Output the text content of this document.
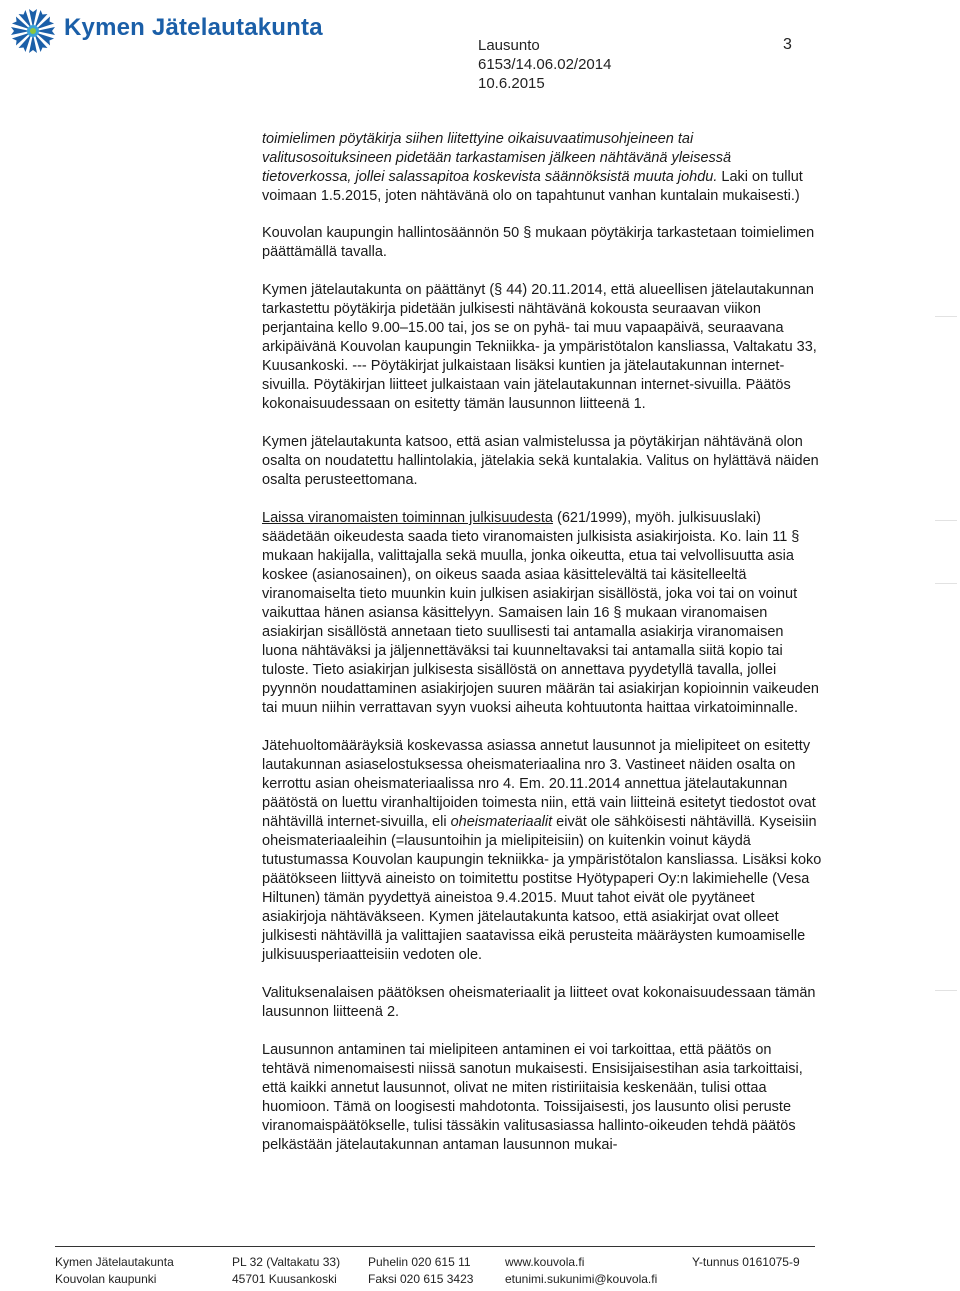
Kymen Jätelautakunta
Lausunto
6153/14.06.02/2014
10.6.2015
3

toimielimen pöytäkirja siihen liitettyine oikaisuvaatimusohjeineen tai valitusosoituksineen pidetään tarkastamisen jälkeen nähtävänä yleisessä tietoverkossa, jollei salassapitoa koskevista säännöksistä muuta johdu. Laki on tullut voimaan 1.5.2015, joten nähtävänä olo on tapahtunut vanhan kuntalain mukaisesti.)

Kouvolan kaupungin hallintosäännön 50 § mukaan pöytäkirja tarkastetaan toimielimen päättämällä tavalla.

Kymen jätelautakunta on päättänyt (§ 44) 20.11.2014, että alueellisen jätelautakunnan tarkastettu pöytäkirja pidetään julkisesti nähtävänä kokousta seuraavan viikon perjantaina kello 9.00–15.00 tai, jos se on pyhä- tai muu vapaapäivä, seuraavana arkipäivänä Kouvolan kaupungin Tekniikka- ja ympäristötalon kansliassa, Valtakatu 33, Kuusankoski. --- Pöytäkirjat julkaistaan lisäksi kuntien ja jätelautakunnan internet-sivuilla. Pöytäkirjan liitteet julkaistaan vain jätelautakunnan internet-sivuilla. Päätös kokonaisuudessaan on esitetty tämän lausunnon liitteenä 1.

Kymen jätelautakunta katsoo, että asian valmistelussa ja pöytäkirjan nähtävänä olon osalta on noudatettu hallintolakia, jätelakia sekä kuntalakia. Valitus on hylättävä näiden osalta perusteettomana.

Laissa viranomaisten toiminnan julkisuudesta (621/1999), myöh. julkisuuslaki) säädetään oikeudesta saada tieto viranomaisten julkisista asiakirjoista. Ko. lain 11 § mukaan hakijalla, valittajalla sekä muulla, jonka oikeutta, etua tai velvollisuutta asia koskee (asianosainen), on oikeus saada asiaa käsittelevältä tai käsitelleeltä viranomaiselta tieto muunkin kuin julkisen asiakirjan sisällöstä, joka voi tai on voinut vaikuttaa hänen asiansa käsittelyyn. Samaisen lain 16 § mukaan viranomaisen asiakirjan sisällöstä annetaan tieto suullisesti tai antamalla asiakirja viranomaisen luona nähtäväksi ja jäljennettäväksi tai kuunneltavaksi tai antamalla siitä kopio tai tuloste. Tieto asiakirjan julkisesta sisällöstä on annettava pyydetyllä tavalla, jollei pyynnön noudattaminen asiakirjojen suuren määrän tai asiakirjan kopioinnin vaikeuden tai muun niihin verrattavan syyn vuoksi aiheuta kohtuutonta haittaa virkatoiminnalle.

Jätehuoltomääräyksiä koskevassa asiassa annetut lausunnot ja mielipiteet on esitetty lautakunnan asiaselostuksessa oheismateriaalina nro 3. Vastineet näiden osalta on kerrottu asian oheismateriaalissa nro 4. Em. 20.11.2014 annettua jätelautakunnan päätöstä on luettu viranhaltijoiden toimesta niin, että vain liitteinä esitetyt tiedostot ovat nähtävillä internet-sivuilla, eli oheismateriaalit eivät ole sähköisesti nähtävillä. Kyseisiin oheismateriaaleihin (=lausuntoihin ja mielipiteisiin) on kuitenkin voinut käydä tutustumassa Kouvolan kaupungin tekniikka- ja ympäristötalon kansliassa. Lisäksi koko päätökseen liittyvä aineisto on toimitettu postitse Hyötypaperi Oy:n lakimiehelle (Vesa Hiltunen) tämän pyydettyä aineistoa 9.4.2015. Muut tahot eivät ole pyytäneet asiakirjoja nähtäväkseen. Kymen jätelautakunta katsoo, että asiakirjat ovat olleet julkisesti nähtävillä ja valittajien saatavissa eikä perusteita määräysten kumoamiselle julkisuusperiaatteisiin vedoten ole.

Valituksenalaisen päätöksen oheismateriaalit ja liitteet ovat kokonaisuudessaan tämän lausunnon liitteenä 2.

Lausunnon antaminen tai mielipiteen antaminen ei voi tarkoittaa, että päätös on tehtävä nimenomaisesti niissä sanotun mukaisesti. Ensisijaisestihan asia tarkoittaisi, että kaikki annetut lausunnot, olivat ne miten ristiriitaisia keskenään, tulisi ottaa huomioon. Tämä on loogisesti mahdotonta. Toissijaisesti, jos lausunto olisi peruste viranomaispäätökselle, tulisi tässäkin valitusasiassa hallinto-oikeuden tehdä päätös pelkästään jätelautakunnan antaman lausunnon mukai-

Kymen Jätelautakunta
Kouvolan kaupunki
PL 32 (Valtakatu 33)
45701 Kuusankoski
Puhelin 020 615 11
Faksi 020 615 3423
www.kouvola.fi
etunimi.sukunimi@kouvola.fi
Y-tunnus 0161075-9
